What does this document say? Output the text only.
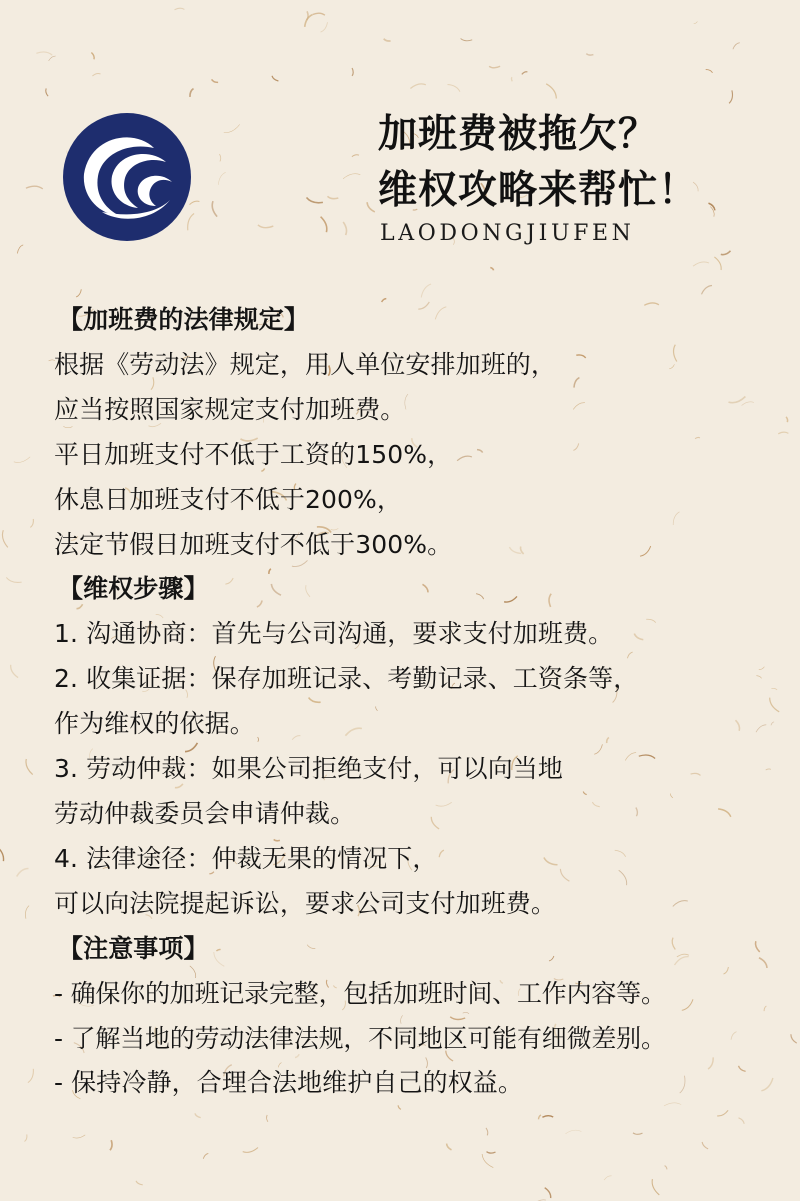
加班费被拖欠？
维权攻略来帮忙！
LAODONGJIUFEN
【加班费的法律规定】
根据《劳动法》规定，用人单位安排加班的，
应当按照国家规定支付加班费。
平日加班支付不低于工资的150%，
休息日加班支付不低于200%，
法定节假日加班支付不低于300%。
【维权步骤】
1. 沟通协商：首先与公司沟通，要求支付加班费。
2. 收集证据：保存加班记录、考勤记录、工资条等，
作为维权的依据。
3. 劳动仲裁：如果公司拒绝支付，可以向当地
劳动仲裁委员会申请仲裁。
4. 法律途径：仲裁无果的情况下，
可以向法院提起诉讼，要求公司支付加班费。
【注意事项】
- 确保你的加班记录完整，包括加班时间、工作内容等。
- 了解当地的劳动法律法规，不同地区可能有细微差别。
- 保持冷静，合理合法地维护自己的权益。
